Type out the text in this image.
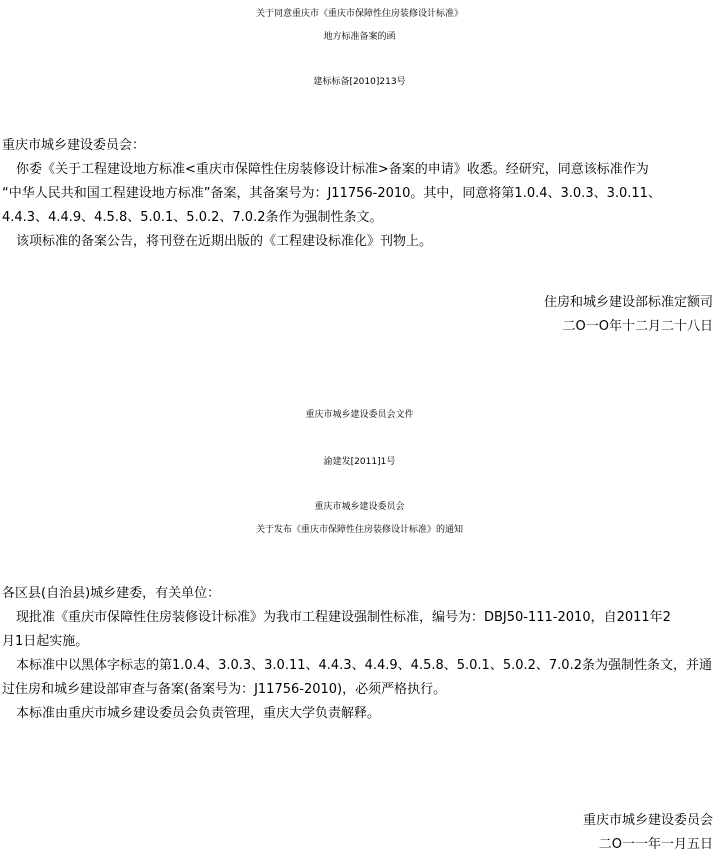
关于同意重庆市《重庆市保障性住房装修设计标准》
地方标准备案的函
建标标备[2010]213号
重庆市城乡建设委员会：
你委《关于工程建设地方标准<重庆市保障性住房装修设计标准>备案的申请》收悉。经研究，同意该标准作为
“中华人民共和国工程建设地方标准”备案，其备案号为：J11756-2010。其中，同意将第1.0.4、3.0.3、3.0.11、
4.4.3、4.4.9、4.5.8、5.0.1、5.0.2、7.0.2条作为强制性条文。
该项标准的备案公告，将刊登在近期出版的《工程建设标准化》刊物上。
住房和城乡建设部标准定额司
二О一О年十二月二十八日
重庆市城乡建设委员会文件
渝建发[2011]1号
重庆市城乡建设委员会
关于发布《重庆市保障性住房装修设计标准》的通知
各区县(自治县)城乡建委，有关单位：
现批准《重庆市保障性住房装修设计标准》为我市工程建设强制性标准，编号为：DBJ50-111-2010，自2011年2
月1日起实施。
本标准中以黑体字标志的第1.0.4、3.0.3、3.0.11、4.4.3、4.4.9、4.5.8、5.0.1、5.0.2、7.0.2条为强制性条文，并通
过住房和城乡建设部审查与备案(备案号为：J11756-2010)，必须严格执行。
本标准由重庆市城乡建设委员会负责管理，重庆大学负责解释。
重庆市城乡建设委员会
二О一一年一月五日
